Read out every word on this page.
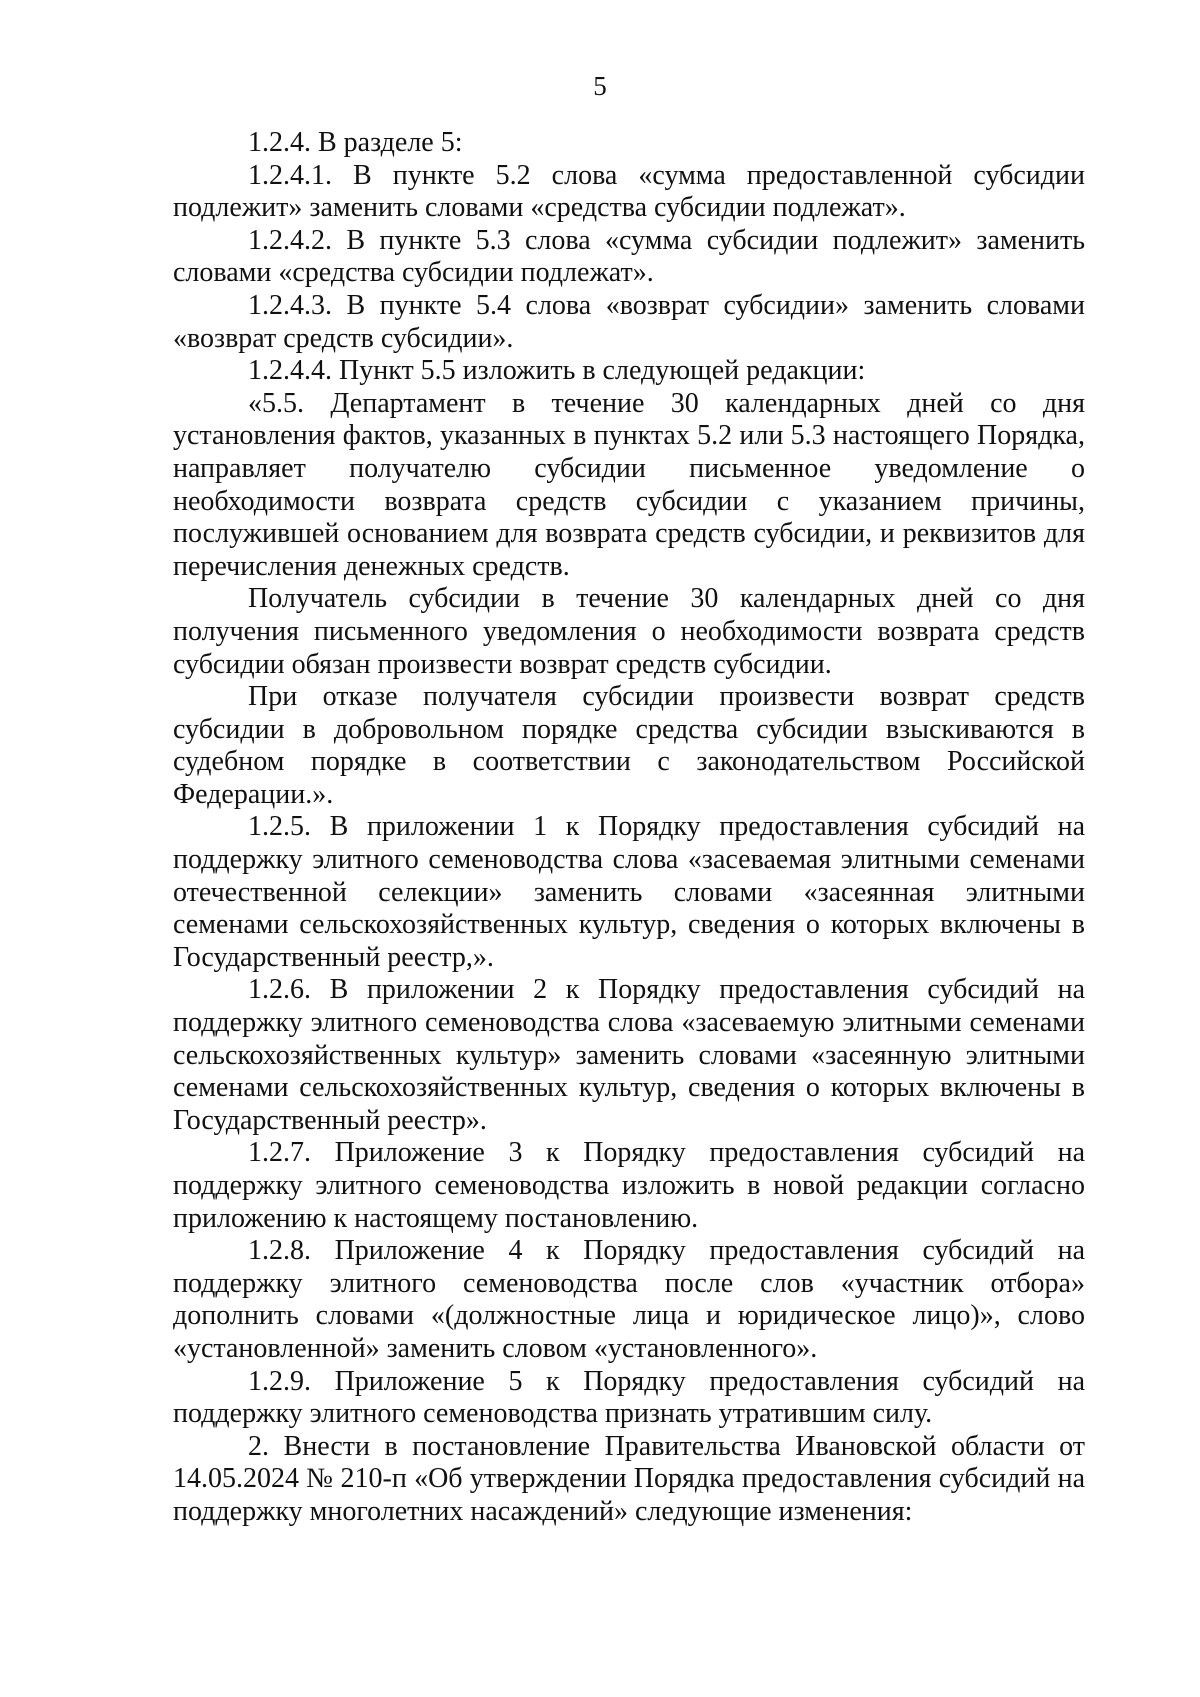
5

1.2.4. В разделе 5:

1.2.4.1. В пункте 5.2 слова «сумма предоставленной субсидии подлежит» заменить словами «средства субсидии подлежат».

1.2.4.2. В пункте 5.3 слова «сумма субсидии подлежит» заменить словами «средства субсидии подлежат».

1.2.4.3. В пункте 5.4 слова «возврат субсидии» заменить словами «возврат средств субсидии».

1.2.4.4. Пункт 5.5 изложить в следующей редакции:

«5.5. Департамент в течение 30 календарных дней со дня установления фактов, указанных в пунктах 5.2 или 5.3 настоящего Порядка, направляет получателю субсидии письменное уведомление о необходимости возврата средств субсидии с указанием причины, послужившей основанием для возврата средств субсидии, и реквизитов для перечисления денежных средств.

Получатель субсидии в течение 30 календарных дней со дня получения письменного уведомления о необходимости возврата средств субсидии обязан произвести возврат средств субсидии.

При отказе получателя субсидии произвести возврат средств субсидии в добровольном порядке средства субсидии взыскиваются в судебном порядке в соответствии с законодательством Российской Федерации.».

1.2.5. В приложении 1 к Порядку предоставления субсидий на поддержку элитного семеноводства слова «засеваемая элитными семенами отечественной селекции» заменить словами «засеянная элитными семенами сельскохозяйственных культур, сведения о которых включены в Государственный реестр,».

1.2.6. В приложении 2 к Порядку предоставления субсидий на поддержку элитного семеноводства слова «засеваемую элитными семенами сельскохозяйственных культур» заменить словами «засеянную элитными семенами сельскохозяйственных культур, сведения о которых включены в Государственный реестр».

1.2.7. Приложение 3 к Порядку предоставления субсидий на поддержку элитного семеноводства изложить в новой редакции согласно приложению к настоящему постановлению.

1.2.8. Приложение 4 к Порядку предоставления субсидий на поддержку элитного семеноводства после слов «участник отбора» дополнить словами «(должностные лица и юридическое лицо)», слово «установленной» заменить словом «установленного».

1.2.9. Приложение 5 к Порядку предоставления субсидий на поддержку элитного семеноводства признать утратившим силу.

2. Внести в постановление Правительства Ивановской области от 14.05.2024 № 210-п «Об утверждении Порядка предоставления субсидий на поддержку многолетних насаждений» следующие изменения:
